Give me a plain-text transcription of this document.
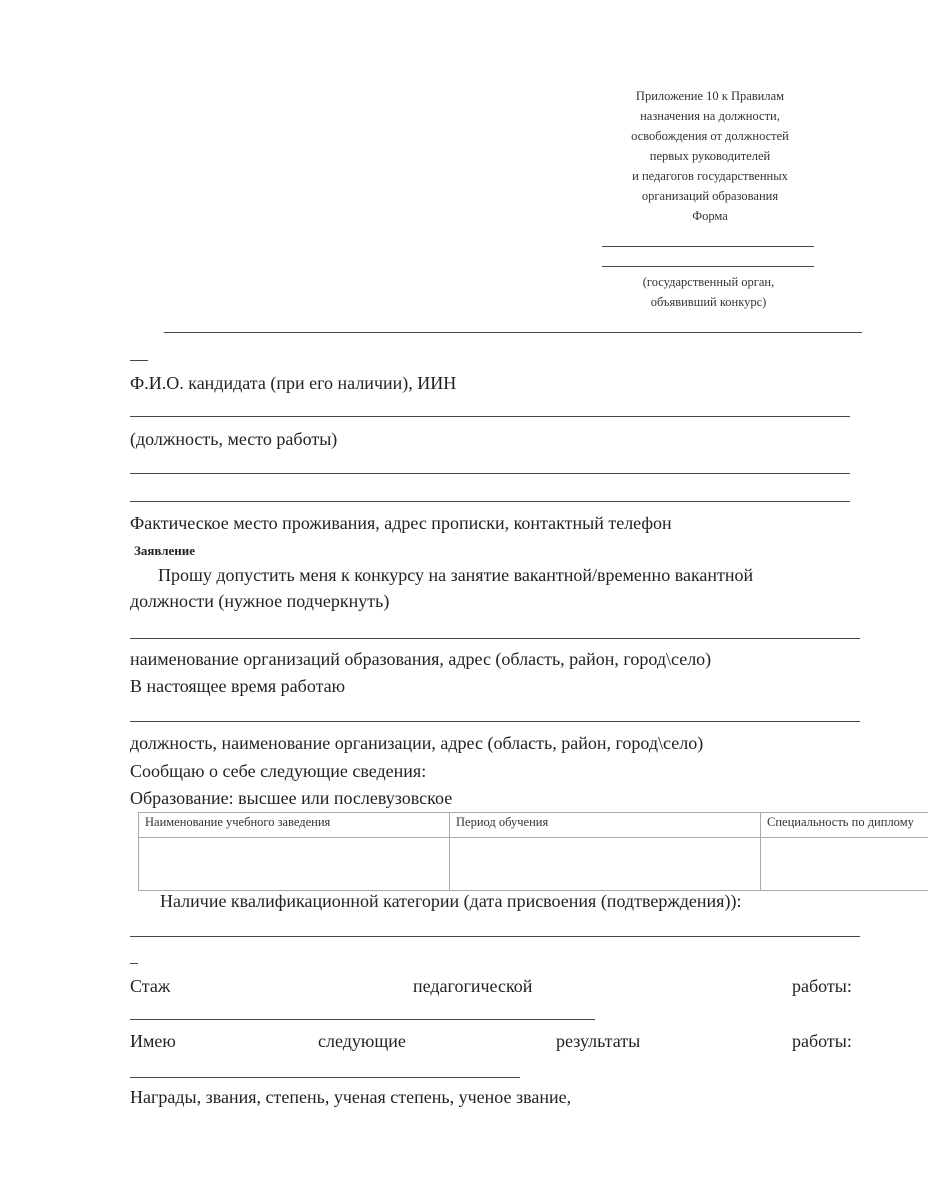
Приложение 10 к Правилам
назначения на должности,
освобождения от должностей
первых руководителей
и педагогов государственных
организаций образования
Форма
(государственный орган,
объявивший конкурс)
Ф.И.О. кандидата (при его наличии), ИИН
(должность, место работы)
Фактическое место проживания, адрес прописки, контактный телефон
Заявление
Прошу допустить меня к конкурсу на занятие вакантной/временно вакантной
должности (нужное подчеркнуть)
наименование организаций образования, адрес (область, район, город\село)
В настоящее время работаю
должность, наименование организации, адрес (область, район, город\село)
Сообщаю о себе следующие сведения:
Образование: высшее или послевузовское
Наименование учебного заведения	Период обучения	Специальность по диплому

Наличие квалификационной категории (дата присвоения (подтверждения)):
Стаж	педагогической	работы:
Имею	следующие	результаты	работы:
Награды, звания, степень, ученая степень, ученое звание,
